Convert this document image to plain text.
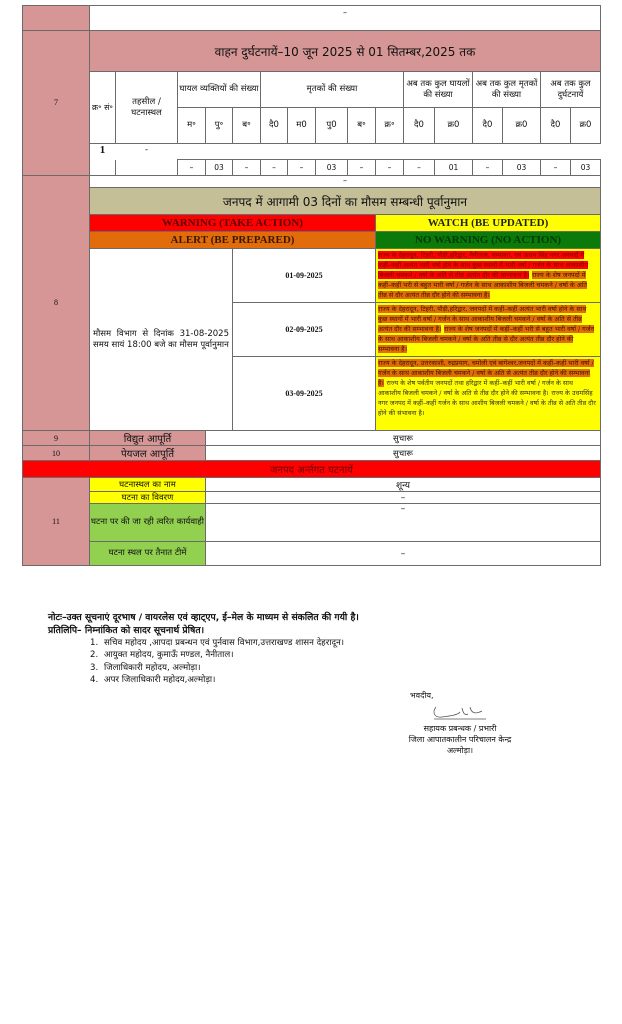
	–															
7	वाहन दुर्घटनायें–10 जून 2025 से 01 सितम्बर,2025 तक															
	क्र॰ सं॰	तहसील / घटनास्थल	घायल व्यक्तियों की संख्या			मृतकों की संख्या					अब तक कुल घायलों की संख्या		अब तक कुल मृतकों की संख्या		अब तक कुल दुर्घटनायें	
			म॰	पु॰	ब॰	दै0	म0	पु0	ब॰	क्र॰	दै0	क्र0	दै0	क्र0	दै0	क्र0

	1	-	–	03	–	–	–	03	–	–	–	01	–	03	–	03
8	–															
	जनपद में आगामी 03 दिनों का मौसम सम्बन्धी पूर्वानुमान															
	WARNING (TAKE ACTION)									WATCH (BE UPDATED)						
	ALERT (BE PREPARED)									NO WARNING (NO ACTION)						
	मौसम विभाग से दिनांक 31-08-2025 समय सायं 18:00 बजे का मौसम पूर्वानुमान				01-09-2025					राज्य के देहरादून, टिहरी, पौड़ी,हरिद्वार, नैनीताल, चम्पावत, एवं ऊधम सिंह नगर जनपदों में कहीं–कहीं अत्यंत भारी वर्षा होने के साथ कुछ स्थानों में भारी वर्षा / गर्जन के साथ आकाशीय बिजली चमकने / वर्षा के अति से तीव्र अत्यंत दौर की सम्भावना है। राज्य के शेष जनपदों में कहीं–कहीं भरी से बहुत भारी वर्षा / गर्जन के साथ आकाशीय बिजली चमकने / वर्षा के अति तीव्र से दौर अत्यंत तीव्र दौर होने की सम्भावना है।						
					02-09-2025					राज्य के देहरादून, टिहरी, पौड़ी,हरिद्वार, जनपदों में कहीं–कहीं अत्यंत भारी वर्षा होने के साथ कुछ स्थानों में भारी वर्षा / गर्जन के साथ आकाशीय बिजली चमकने / वर्षा के अति से तीव्र अत्यंत दौर की सम्भावना है। राज्य के शेष जनपदों में कहीं–कहीं भरी से बहुत भारी वर्षा / गर्जन के साथ आकाशीय बिजली चमकने / वर्षा के अति तीव्र से दौर अत्यंत तीव्र दौर होने की सम्भावना है।						
					03-09-2025					राज्य के देहरादून, उत्तरकाशी, रुद्रप्रयाग, चमोली एवं बागेश्वर,जनपदों में कहीं–कहीं भारी वर्षा / गर्जन के साथ आकाशीय बिजली चमकने / वर्षा के अति से अत्यंत तीव्र दौर होने की सम्भावना है। राज्य के शेष पर्वतीय जनपदों तथा हरिद्वार में कहीं–कहीं भारी वर्षा / गर्जन के साथ आकाशीय बिजली चमकने / वर्षा के अति से तीव्र दौर होने की सम्भावना है। राज्य के उधमसिंह नगर जनपद में कहीं–कहीं गर्जन के साथ आशीय बिजली चमकने / वर्षा के तीव्र से अति तीव्र दौर होने की संभावना है।						

9	विद्युत आपूर्ति			सुचारू												
10	पेयजल आपूर्ति			सुचारू												
जनपद अर्न्तगत घटनायें																
11	घटनास्थल का नाम			शून्य												
	घटना का विवरण			–												
	घटना पर की जा रही त्वरित कार्यवाही			–												
	घटना स्थल पर तैनात टीमें			–												
नोटः–उक्त सूचनाएं दूरभाष / वायरलेस एवं व्हाट्एप, ई–मेल के माध्यम से संकलित की गयी है।
प्रतिलिपि– निम्नांकित को सादर सूचनार्थ प्रेषित।
1. सचिव महोदय ,आपदा प्रबन्धन एवं पुर्नवास विभाग,उत्तराखण्ड शासन देहरादून।
2. आयुक्त महोदय, कुमाऊँ मण्डल, नैनीताल।
3. जिलाधिकारी महोदय, अल्मोड़ा।
4. अपर जिलाधिकारी महोदय,अल्मोड़ा।
भवदीय,
सहायक प्रबन्धक / प्रभारी
जिला आपातकालीन परिचालन केन्द्र
अल्मोड़ा।
